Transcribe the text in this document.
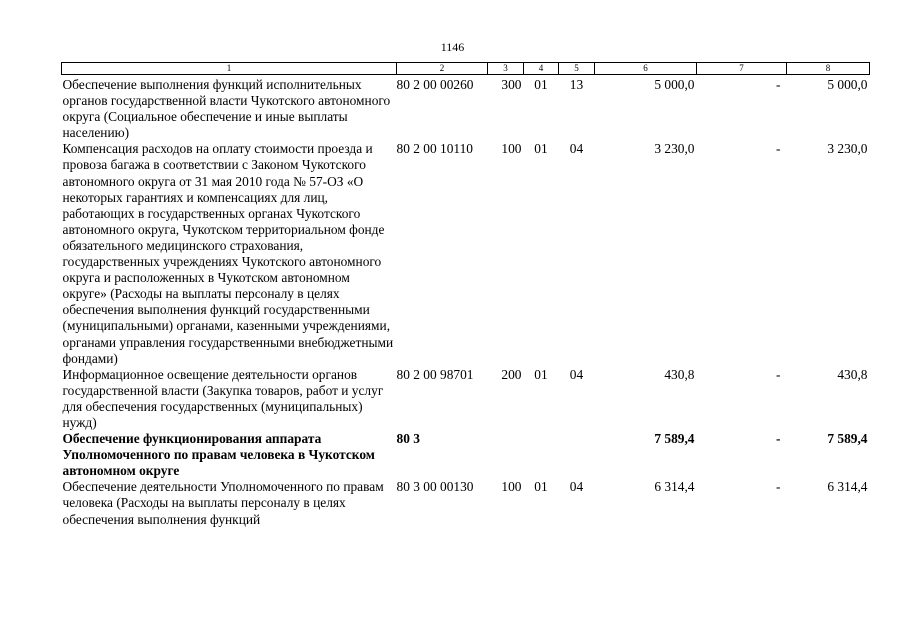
1146
1	2	3	4	5	6	7	8
Обеспечение выполнения функций исполнительных органов государственной власти Чукотского автономного округа (Социальное обеспечение и иные выплаты населению)	80 2 00 00260	300	01	13	5 000,0	-	5 000,0
Компенсация расходов на оплату стоимости проезда и провоза багажа в соответствии с Законом Чукотского автономного округа от 31 мая 2010 года № 57-ОЗ «О некоторых гарантиях и компенсациях для лиц, работающих в государственных органах Чукотского автономного округа, Чукотском территориальном фонде обязательного медицинского страхования, государственных учреждениях Чукотского автономного округа и расположенных в Чукотском автономном округе» (Расходы на выплаты персоналу в целях обеспечения выполнения функций государственными (муниципальными) органами, казенными учреждениями, органами управления государственными внебюджетными фондами)	80 2 00 10110	100	01	04	3 230,0	-	3 230,0
Информационное освещение деятельности органов государственной власти (Закупка товаров, работ и услуг для обеспечения государственных (муниципальных) нужд)	80 2 00 98701	200	01	04	430,8	-	430,8
Обеспечение функционирования аппарата Уполномоченного по правам человека в Чукотском автономном округе	80 3				7 589,4	-	7 589,4
Обеспечение деятельности Уполномоченного по правам человека (Расходы на выплаты персоналу в целях обеспечения выполнения функций	80 3 00 00130	100	01	04	6 314,4	-	6 314,4
